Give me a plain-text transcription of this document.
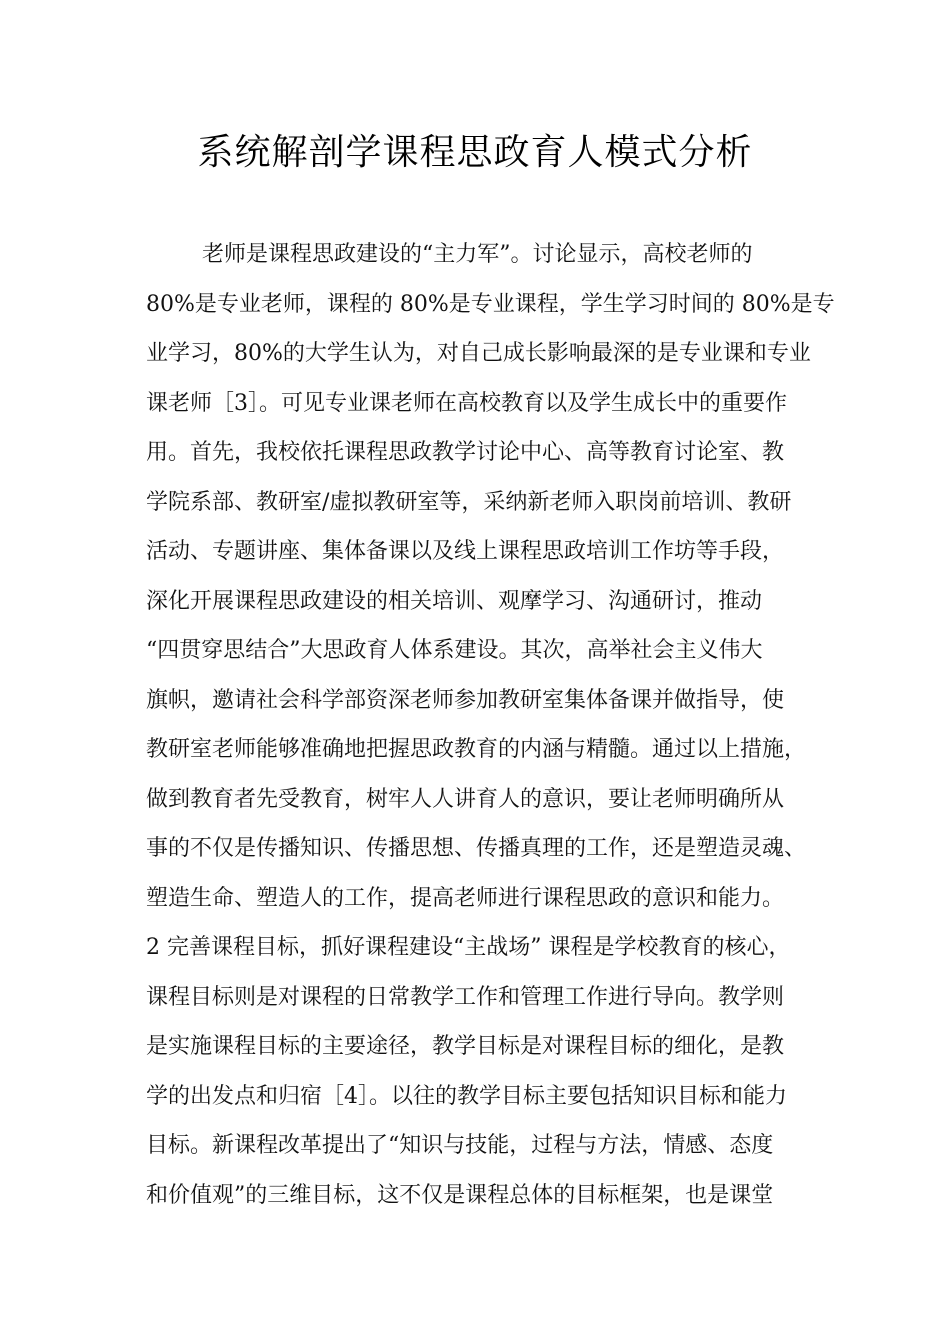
系统解剖学课程思政育人模式分析
老师是课程思政建设的“主力军”。讨论显示，高校老师的
80%是专业老师，课程的 80%是专业课程，学生学习时间的 80%是专
业学习，80%的大学生认为，对自己成长影响最深的是专业课和专业
课老师［3］。可见专业课老师在高校教育以及学生成长中的重要作
用。首先，我校依托课程思政教学讨论中心、高等教育讨论室、教
学院系部、教研室/虚拟教研室等，采纳新老师入职岗前培训、教研
活动、专题讲座、集体备课以及线上课程思政培训工作坊等手段，
深化开展课程思政建设的相关培训、观摩学习、沟通研讨，推动
“四贯穿思结合”大思政育人体系建设。其次，高举社会主义伟大
旗帜，邀请社会科学部资深老师参加教研室集体备课并做指导，使
教研室老师能够准确地把握思政教育的内涵与精髓。通过以上措施，
做到教育者先受教育，树牢人人讲育人的意识，要让老师明确所从
事的不仅是传播知识、传播思想、传播真理的工作，还是塑造灵魂、
塑造生命、塑造人的工作，提高老师进行课程思政的意识和能力。
2 完善课程目标，抓好课程建设“主战场” 课程是学校教育的核心，
课程目标则是对课程的日常教学工作和管理工作进行导向。教学则
是实施课程目标的主要途径，教学目标是对课程目标的细化，是教
学的出发点和归宿［4］。以往的教学目标主要包括知识目标和能力
目标。新课程改革提出了“知识与技能，过程与方法，情感、态度
和价值观”的三维目标，这不仅是课程总体的目标框架，也是课堂
